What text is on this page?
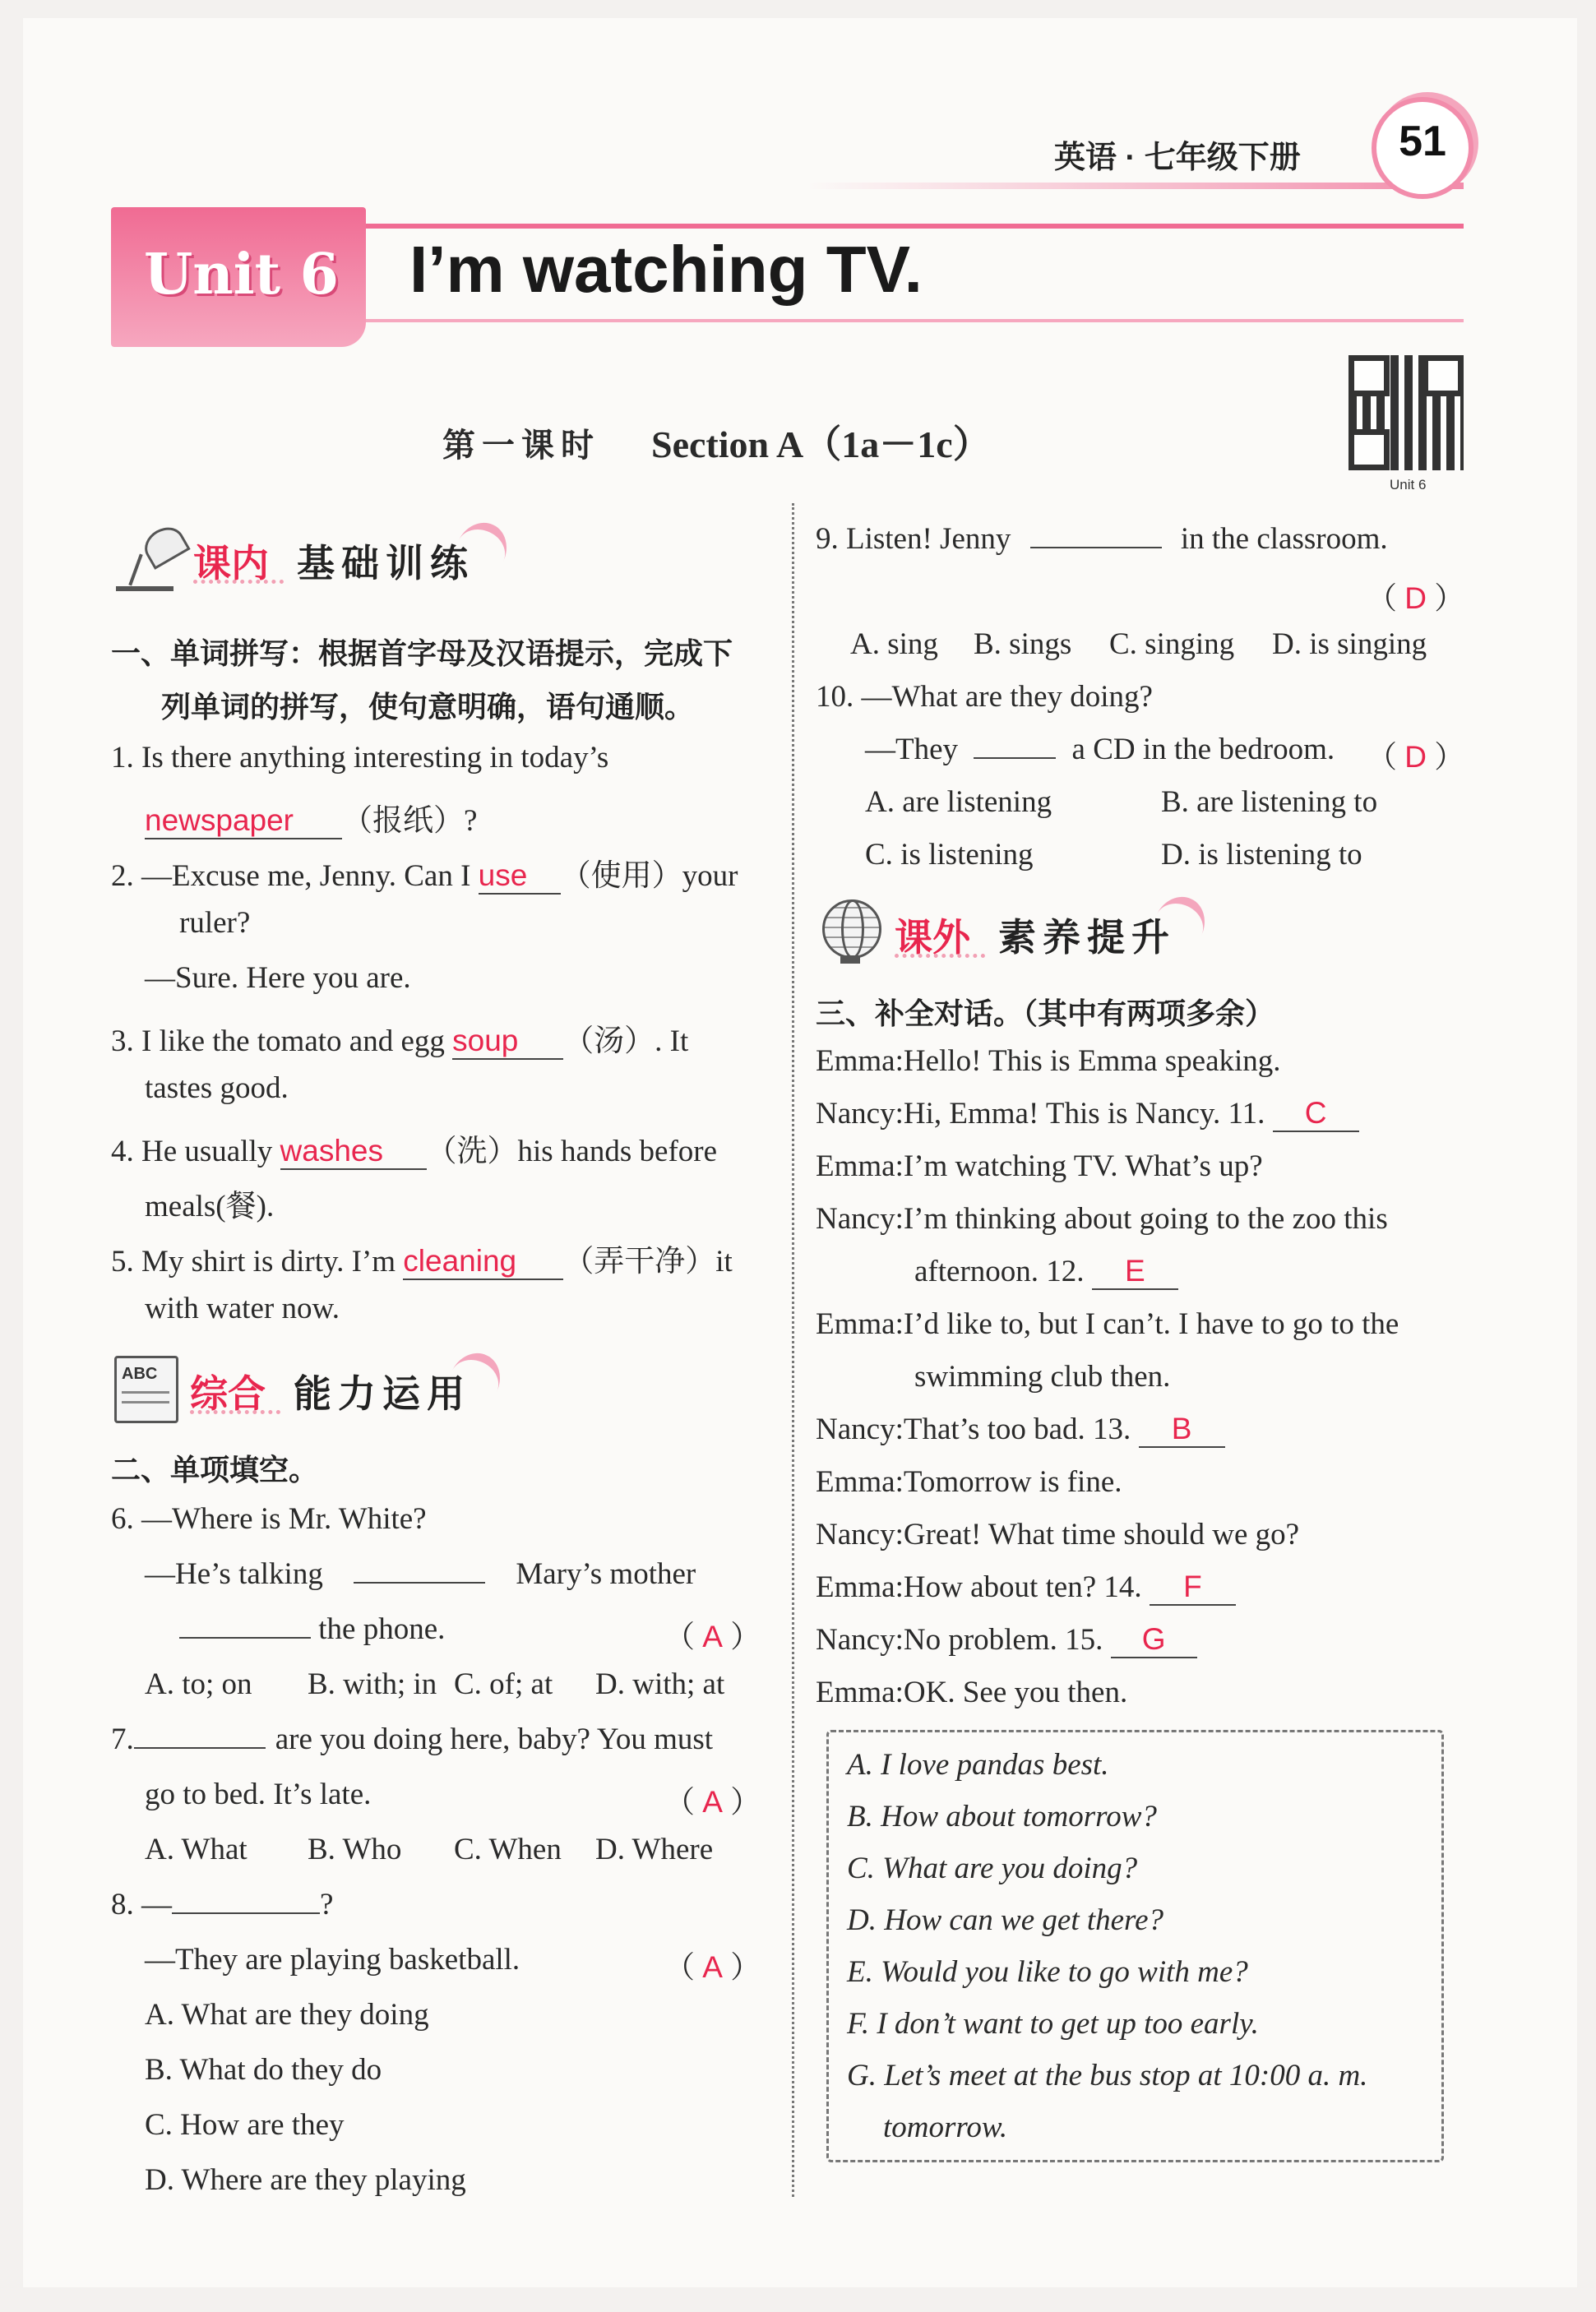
英语 · 七年级下册	51
Unit 6 I’m watching TV.
Unit 6
第一课时 Section A（1a－1c）
课内 基础训练
一、单词拼写：根据首字母及汉语提示，完成下
列单词的拼写，使句意明确，语句通顺。
1. Is there anything interesting in today’s
newspaper （报纸）?
2. —Excuse me, Jenny. Can I use （使用）your
ruler?
—Sure. Here you are.
3. I like the tomato and egg soup （汤）. It
tastes good.
4. He usually washes （洗）his hands before
meals(餐).
5. My shirt is dirty. I’m cleaning （弄干净）it
with water now.
ABC 综合 能力运用
二、单项填空。
6. —Where is Mr. White?
—He’s talking	Mary’s mother
the phone.	（ A ）
A. to; on B. with; in C. of; at D. with; at
7.	are you doing here, baby? You must
go to bed. It’s late.	（ A ）
A. What B. Who C. When D. Where
8. —	?
—They are playing basketball.	（ A ）
A. What are they doing
B. What do they do
C. How are they
D. Where are they playing
9. Listen! Jenny	in the classroom.
（ D ）
A. sing B. sings C. singing D. is singing
10. —What are they doing?
—They	a CD in the bedroom. （ D ）
A. are listening	B. are listening to
C. is listening	D. is listening to
课外 素养提升
三、补全对话。（其中有两项多余）
Emma:Hello! This is Emma speaking.
Nancy:Hi, Emma! This is Nancy. 11. C
Emma:I’m watching TV. What’s up?
Nancy:I’m thinking about going to the zoo this
afternoon. 12. E
Emma:I’d like to, but I can’t. I have to go to the
swimming club then.
Nancy:That’s too bad. 13. B
Emma:Tomorrow is fine.
Nancy:Great! What time should we go?
Emma:How about ten? 14. F
Nancy:No problem. 15. G
Emma:OK. See you then.
A. I love pandas best.
B. How about tomorrow?
C. What are you doing?
D. How can we get there?
E. Would you like to go with me?
F. I don’t want to get up too early.
G. Let’s meet at the bus stop at 10:00 a. m.
tomorrow.
